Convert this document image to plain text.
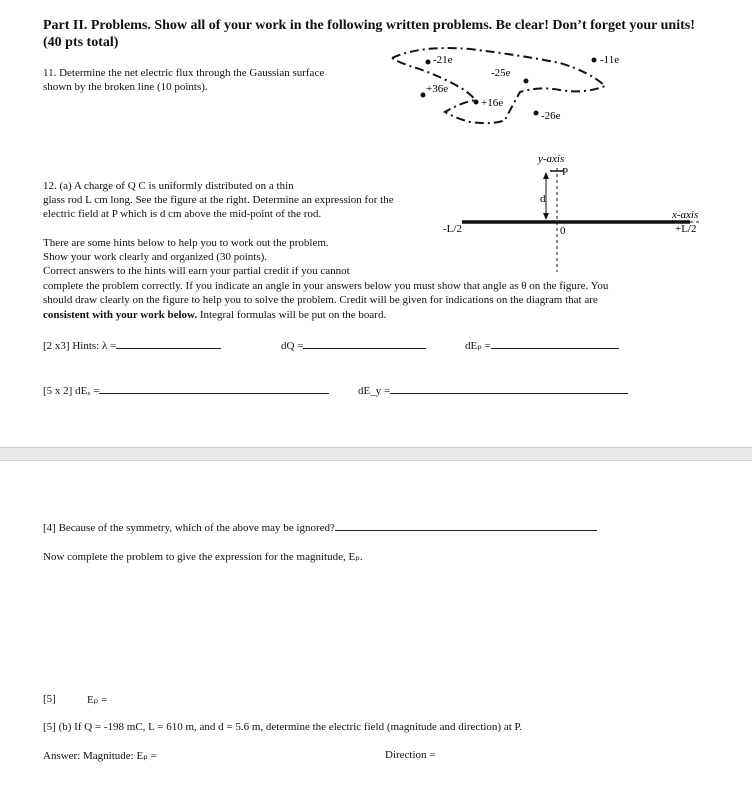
Part II. Problems. Show all of your work in the following written problems. Be clear! Don’t forget your units! (40 pts total)
11. Determine the net electric flux through the Gaussian surface
shown by the broken line (10 points).
-21e
-25e
-11e
+36e
+16e
-26e
12. (a) A charge of Q C is uniformly distributed on a thin
glass rod L cm long. See the figure at the right. Determine an expression for the
electric field at P which is d cm above the mid-point of the rod.
y-axis
P
d
-L/2	+L/2
x-axis
0
There are some hints below to help you to work out the problem.
Show your work clearly and organized (30 points).
Correct answers to the hints will earn your partial credit if you cannot
complete the problem correctly. If you indicate an angle in your answers below you must show that angle as θ on the figure. You
should draw clearly on the figure to help you to solve the problem. Credit will be given for indications on the diagram that are
consistent with your work below. Integral formulas will be put on the board.
[2 x3] Hints: λ =	dQ =	dEₚ =
[5 x 2] dEₓ =	dE_y =
[4] Because of the symmetry, which of the above may be ignored?
Now complete the problem to give the expression for the magnitude, Eₚ.
[5]	Eₚ =
[5] (b) If Q = -198 mC, L = 610 m, and d = 5.6 m, determine the electric field (magnitude and direction) at P.
Answer: Magnitude: Eₚ =	Direction =
